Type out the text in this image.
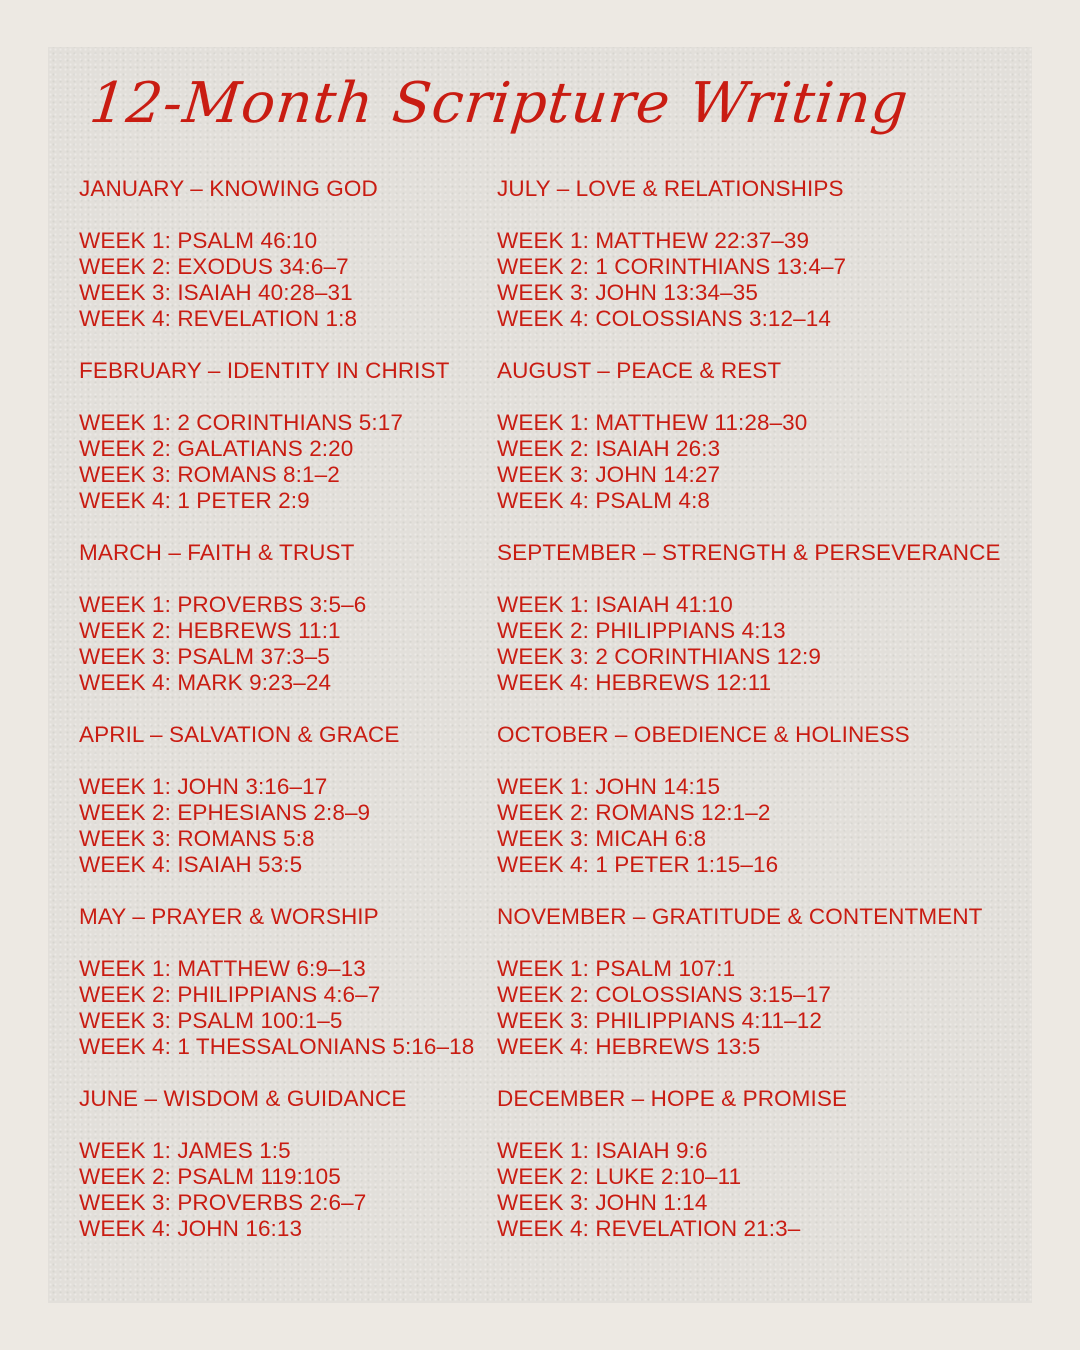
12-Month Scripture Writing
JANUARY – KNOWING GOD
WEEK 1: PSALM 46:10
WEEK 2: EXODUS 34:6–7
WEEK 3: ISAIAH 40:28–31
WEEK 4: REVELATION 1:8
FEBRUARY – IDENTITY IN CHRIST
WEEK 1: 2 CORINTHIANS 5:17
WEEK 2: GALATIANS 2:20
WEEK 3: ROMANS 8:1–2
WEEK 4: 1 PETER 2:9
MARCH – FAITH & TRUST
WEEK 1: PROVERBS 3:5–6
WEEK 2: HEBREWS 11:1
WEEK 3: PSALM 37:3–5
WEEK 4: MARK 9:23–24
APRIL – SALVATION & GRACE
WEEK 1: JOHN 3:16–17
WEEK 2: EPHESIANS 2:8–9
WEEK 3: ROMANS 5:8
WEEK 4: ISAIAH 53:5
MAY – PRAYER & WORSHIP
WEEK 1: MATTHEW 6:9–13
WEEK 2: PHILIPPIANS 4:6–7
WEEK 3: PSALM 100:1–5
WEEK 4: 1 THESSALONIANS 5:16–18
JUNE – WISDOM & GUIDANCE
WEEK 1: JAMES 1:5
WEEK 2: PSALM 119:105
WEEK 3: PROVERBS 2:6–7
WEEK 4: JOHN 16:13
JULY – LOVE & RELATIONSHIPS
WEEK 1: MATTHEW 22:37–39
WEEK 2: 1 CORINTHIANS 13:4–7
WEEK 3: JOHN 13:34–35
WEEK 4: COLOSSIANS 3:12–14
AUGUST – PEACE & REST
WEEK 1: MATTHEW 11:28–30
WEEK 2: ISAIAH 26:3
WEEK 3: JOHN 14:27
WEEK 4: PSALM 4:8
SEPTEMBER – STRENGTH & PERSEVERANCE
WEEK 1: ISAIAH 41:10
WEEK 2: PHILIPPIANS 4:13
WEEK 3: 2 CORINTHIANS 12:9
WEEK 4: HEBREWS 12:11
OCTOBER – OBEDIENCE & HOLINESS
WEEK 1: JOHN 14:15
WEEK 2: ROMANS 12:1–2
WEEK 3: MICAH 6:8
WEEK 4: 1 PETER 1:15–16
NOVEMBER – GRATITUDE & CONTENTMENT
WEEK 1: PSALM 107:1
WEEK 2: COLOSSIANS 3:15–17
WEEK 3: PHILIPPIANS 4:11–12
WEEK 4: HEBREWS 13:5
DECEMBER – HOPE & PROMISE
WEEK 1: ISAIAH 9:6
WEEK 2: LUKE 2:10–11
WEEK 3: JOHN 1:14
WEEK 4: REVELATION 21:3–
